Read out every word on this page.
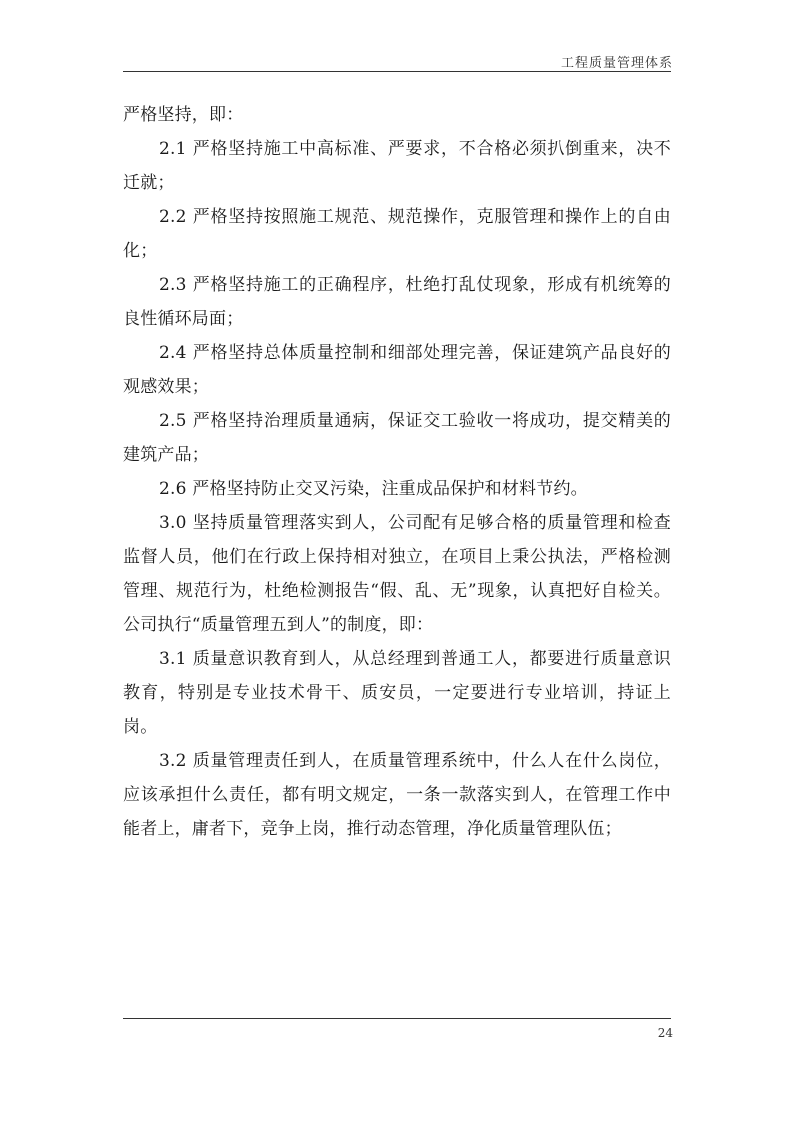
工程质量管理体系

严格坚持，即：

2.1 严格坚持施工中高标准、严要求，不合格必须扒倒重来，决不迁就；

2.2 严格坚持按照施工规范、规范操作，克服管理和操作上的自由化；

2.3 严格坚持施工的正确程序，杜绝打乱仗现象，形成有机统筹的良性循环局面；

2.4 严格坚持总体质量控制和细部处理完善，保证建筑产品良好的观感效果；

2.5 严格坚持治理质量通病，保证交工验收一将成功，提交精美的建筑产品；

2.6 严格坚持防止交叉污染，注重成品保护和材料节约。

3.0 坚持质量管理落实到人，公司配有足够合格的质量管理和检查监督人员，他们在行政上保持相对独立，在项目上秉公执法，严格检测管理、规范行为，杜绝检测报告“假、乱、无”现象，认真把好自检关。公司执行“质量管理五到人”的制度，即：

3.1 质量意识教育到人，从总经理到普通工人，都要进行质量意识教育，特别是专业技术骨干、质安员，一定要进行专业培训，持证上岗。

3.2 质量管理责任到人，在质量管理系统中，什么人在什么岗位，应该承担什么责任，都有明文规定，一条一款落实到人，在管理工作中能者上，庸者下，竞争上岗，推行动态管理，净化质量管理队伍；

24
